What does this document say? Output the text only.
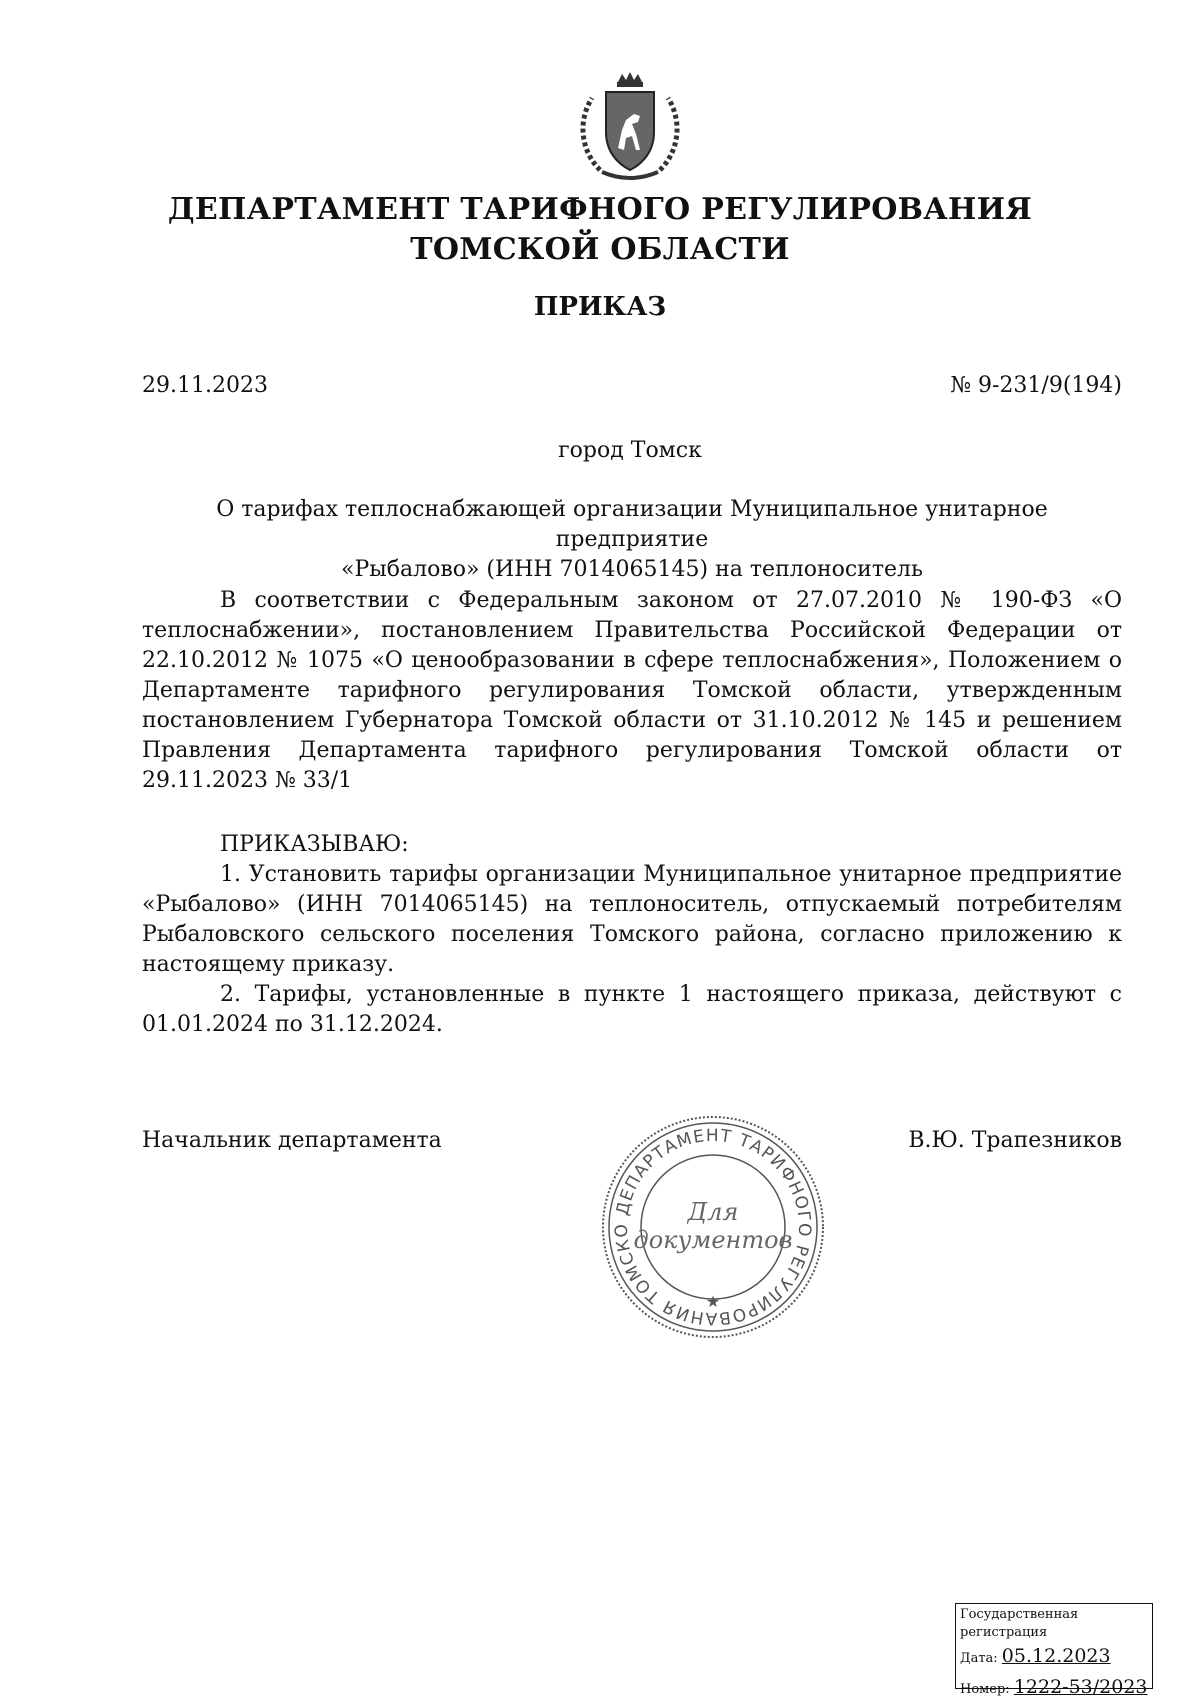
ДЕПАРТАМЕНТ ТАРИФНОГО РЕГУЛИРОВАНИЯ
ТОМСКОЙ ОБЛАСТИ
ПРИКАЗ
29.11.2023	№ 9-231/9(194)
город Томск
О тарифах теплоснабжающей организации Муниципальное унитарное предприятие
«Рыбалово» (ИНН 7014065145) на теплоноситель

В соответствии с Федеральным законом от 27.07.2010 № 190-ФЗ «О теплоснабжении», постановлением Правительства Российской Федерации от 22.10.2012 № 1075 «О ценообразовании в сфере теплоснабжения», Положением о Департаменте тарифного регулирования Томской области, утвержденным постановлением Губернатора Томской области от 31.10.2012 № 145 и решением Правления Департамента тарифного регулирования Томской области от 29.11.2023 № 33/1

ПРИКАЗЫВАЮ:

1. Установить тарифы организации Муниципальное унитарное предприятие «Рыбалово» (ИНН 7014065145) на теплоноситель, отпускаемый потребителям Рыбаловского сельского поселения Томского района, согласно приложению к настоящему приказу.

2. Тарифы, установленные в пункте 1 настоящего приказа, действуют с 01.01.2024 по 31.12.2024.

Начальник департамента	В.Ю. Трапезников
ДЕПАРТАМЕНТ ТАРИФНОГО РЕГУЛИРОВАНИЯ ТОМСКО
★
Для
документов
Государственная регистрация
Дата: 05.12.2023
Номер: 1222-53/2023
